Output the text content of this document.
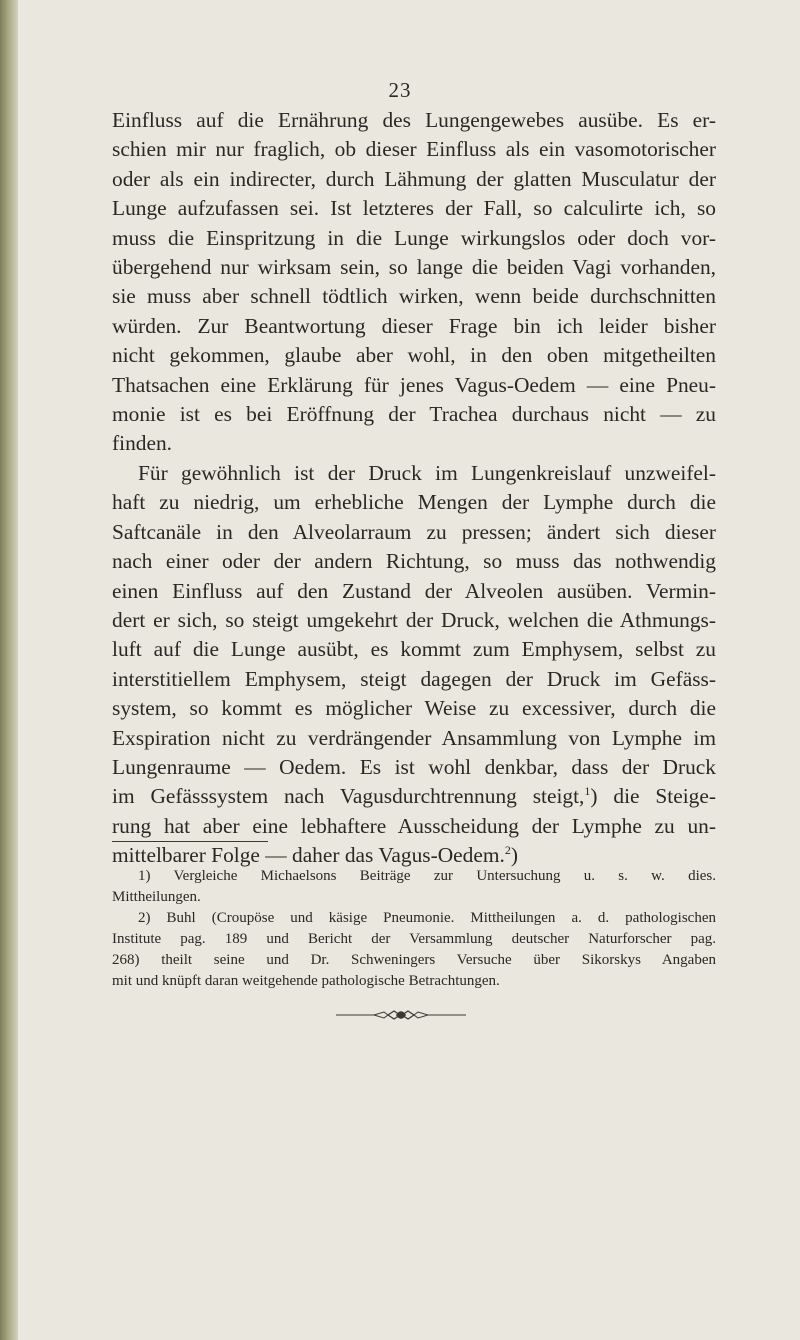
23
Einfluss auf die Ernährung des Lungengewebes ausübe. Es er-
schien mir nur fraglich, ob dieser Einfluss als ein vasomotorischer
oder als ein indirecter, durch Lähmung der glatten Musculatur der
Lunge aufzufassen sei. Ist letzteres der Fall, so calculirte ich, so
muss die Einspritzung in die Lunge wirkungslos oder doch vor-
übergehend nur wirksam sein, so lange die beiden Vagi vorhanden,
sie muss aber schnell tödtlich wirken, wenn beide durchschnitten
würden. Zur Beantwortung dieser Frage bin ich leider bisher
nicht gekommen, glaube aber wohl, in den oben mitgetheilten
Thatsachen eine Erklärung für jenes Vagus-Oedem — eine Pneu-
monie ist es bei Eröffnung der Trachea durchaus nicht — zu
finden.
Für gewöhnlich ist der Druck im Lungenkreislauf unzweifel-
haft zu niedrig, um erhebliche Mengen der Lymphe durch die
Saftcanäle in den Alveolarraum zu pressen; ändert sich dieser
nach einer oder der andern Richtung, so muss das nothwendig
einen Einfluss auf den Zustand der Alveolen ausüben. Vermin-
dert er sich, so steigt umgekehrt der Druck, welchen die Athmungs-
luft auf die Lunge ausübt, es kommt zum Emphysem, selbst zu
interstitiellem Emphysem, steigt dagegen der Druck im Gefäss-
system, so kommt es möglicher Weise zu excessiver, durch die
Exspiration nicht zu verdrängender Ansammlung von Lymphe im
Lungenraume — Oedem. Es ist wohl denkbar, dass der Druck
im Gefässsystem nach Vagusdurchtrennung steigt,$^1$) die Steige-
rung hat aber eine lebhaftere Ausscheidung der Lymphe zu un-
mittelbarer Folge — daher das Vagus-Oedem.$^2$)
1) Vergleiche Michaelsons Beiträge zur Untersuchung u. s. w. dies.
Mittheilungen.
2) Buhl (Croupöse und käsige Pneumonie. Mittheilungen a. d. pathologischen
Institute pag. 189 und Bericht der Versammlung deutscher Naturforscher pag.
268) theilt seine und Dr. Schweningers Versuche über Sikorskys Angaben
mit und knüpft daran weitgehende pathologische Betrachtungen.
